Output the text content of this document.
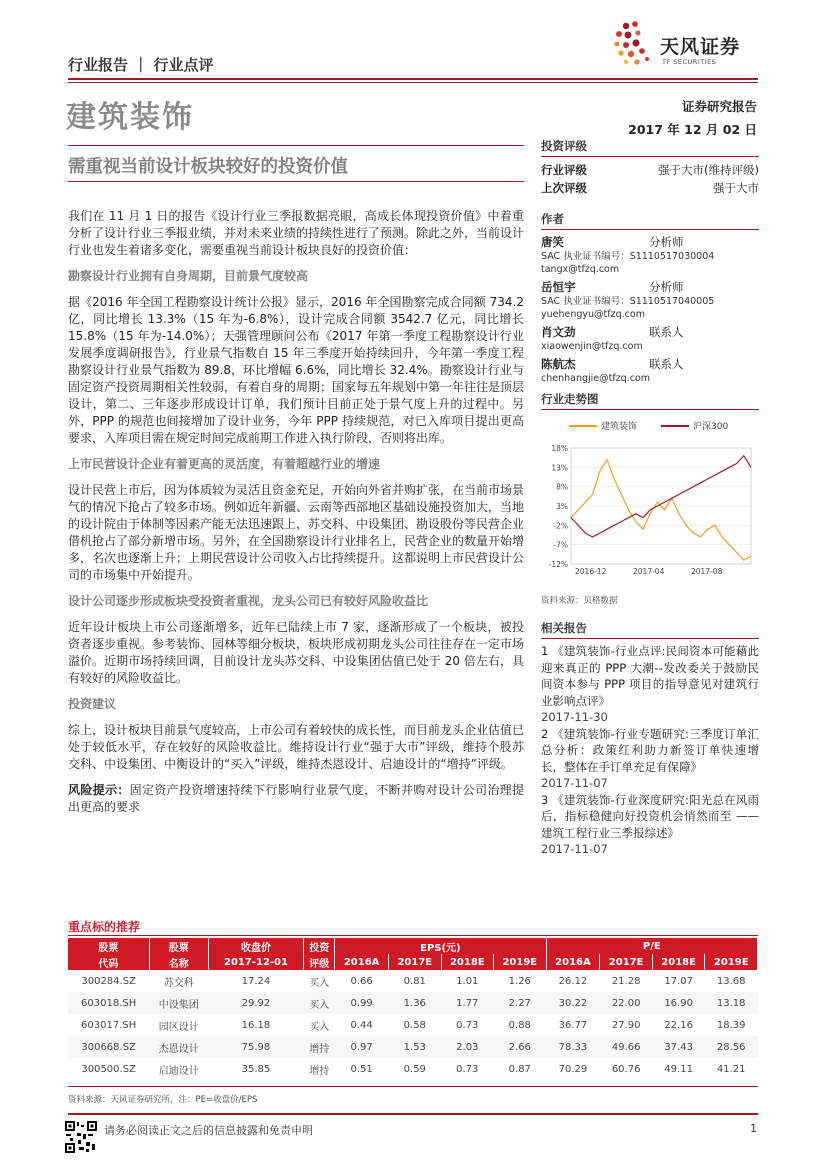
行业报告 ｜ 行业点评
天风证券
TF SECURITIES
建筑装饰	证券研究报告
2017 年 12 月 02 日
需重视当前设计板块较好的投资价值

我们在 11 月 1 日的报告《设计行业三季报数据亮眼，高成长体现投资价值》中着重分析了设计行业三季报业绩，并对未来业绩的持续性进行了预测。除此之外，当前设计行业也发生着诸多变化，需要重视当前设计板块良好的投资价值：

勘察设计行业拥有自身周期，目前景气度较高

据《2016 年全国工程勘察设计统计公报》显示，2016 年全国勘察完成合同额 734.2 亿，同比增长 13.3%（15 年为-6.8%），设计完成合同额 3542.7 亿元，同比增长 15.8%（15 年为-14.0%）；天强管理顾问公布《2017 年第一季度工程勘察设计行业发展季度调研报告》，行业景气指数自 15 年三季度开始持续回升，今年第一季度工程勘察设计行业景气指数为 89.8，环比增幅 6.6%，同比增长 32.4%。勘察设计行业与固定资产投资周期相关性较弱，有着自身的周期；国家每五年规划中第一年往往是顶层设计，第二、三年逐步形成设计订单，我们预计目前正处于景气度上升的过程中。另外，PPP 的规范也间接增加了设计业务，今年 PPP 持续规范，对已入库项目提出更高要求，入库项目需在规定时间完成前期工作进入执行阶段，否则将出库。

上市民营设计企业有着更高的灵活度，有着超越行业的增速

设计民营上市后，因为体质较为灵活且资金充足，开始向外省并购扩张，在当前市场景气的情况下抢占了较多市场。例如近年新疆、云南等西部地区基础设施投资加大，当地的设计院由于体制等因素产能无法迅速跟上，苏交科、中设集团、勘设股份等民营企业借机抢占了部分新增市场。另外，在全国勘察设计行业排名上，民营企业的数量开始增多，名次也逐渐上升；上期民营设计公司收入占比持续提升。这都说明上市民营设计公司的市场集中开始提升。

设计公司逐步形成板块受投资者重视，龙头公司已有较好风险收益比

近年设计板块上市公司逐渐增多，近年已陆续上市 7 家，逐渐形成了一个板块，被投资者逐步重视。参考装饰、园林等细分板块，板块形成初期龙头公司往往存在一定市场溢价。近期市场持续回调，目前设计龙头苏交科、中设集团估值已处于 20 倍左右，具有较好的风险收益比。

投资建议

综上，设计板块目前景气度较高，上市公司有着较快的成长性，而目前龙头企业估值已处于较低水平，存在较好的风险收益比。维持设计行业“强于大市”评级，维持个股苏交科、中设集团、中衡设计的“买入”评级，维持杰恩设计、启迪设计的“增持”评级。

风险提示：固定资产投资增速持续下行影响行业景气度，不断并购对设计公司治理提出更高的要求

投资评级
行业评级	强于大市(维持评级)
上次评级	强于大市
作者
唐笑	分析师
SAC 执业证书编号：S1110517030004
tangx@tfzq.com
岳恒宇	分析师
SAC 执业证书编号：S1110517040005
yuehengyu@tfzq.com
肖文劲	联系人
xiaowenjin@tfzq.com
陈航杰	联系人
chenhangjie@tfzq.com
行业走势图
建筑装饰	沪深300
18%
13%
8%
3%
-2%
-7%
-12%
2016-12	2017-04	2017-08
资料来源：贝格数据
相关报告
1 《建筑装饰-行业点评:民间资本可能藉此迎来真正的 PPP 大潮--发改委关于鼓励民间资本参与 PPP 项目的指导意见对建筑行业影响点评》
2017-11-30
2 《建筑装饰-行业专题研究:三季度订单汇总分析：政策红利助力新签订单快速增长，整体在手订单充足有保障》
2017-11-07
3 《建筑装饰-行业深度研究:阳光总在风雨后，指标稳健向好投资机会悄然而至 ——建筑工程行业三季报综述》
2017-11-07
重点标的推荐
股票	股票	收盘价	投资	EPS(元)				P/E			
代码	名称	2017-12-01	评级	2016A	2017E	2018E	2019E	2016A	2017E	2018E	2019E
300284.SZ	苏交科	17.24	买入	0.66	0.81	1.01	1.26	26.12	21.28	17.07	13.68
603018.SH	中设集团	29.92	买入	0.99	1.36	1.77	2.27	30.22	22.00	16.90	13.18
603017.SH	园区设计	16.18	买入	0.44	0.58	0.73	0.88	36.77	27.90	22.16	18.39
300668.SZ	杰恩设计	75.98	增持	0.97	1.53	2.03	2.66	78.33	49.66	37.43	28.56
300500.SZ	启迪设计	35.85	增持	0.51	0.59	0.73	0.87	70.29	60.76	49.11	41.21
资料来源：天风证券研究所，注：PE=收盘价/EPS
请务必阅读正文之后的信息披露和免责申明	1
